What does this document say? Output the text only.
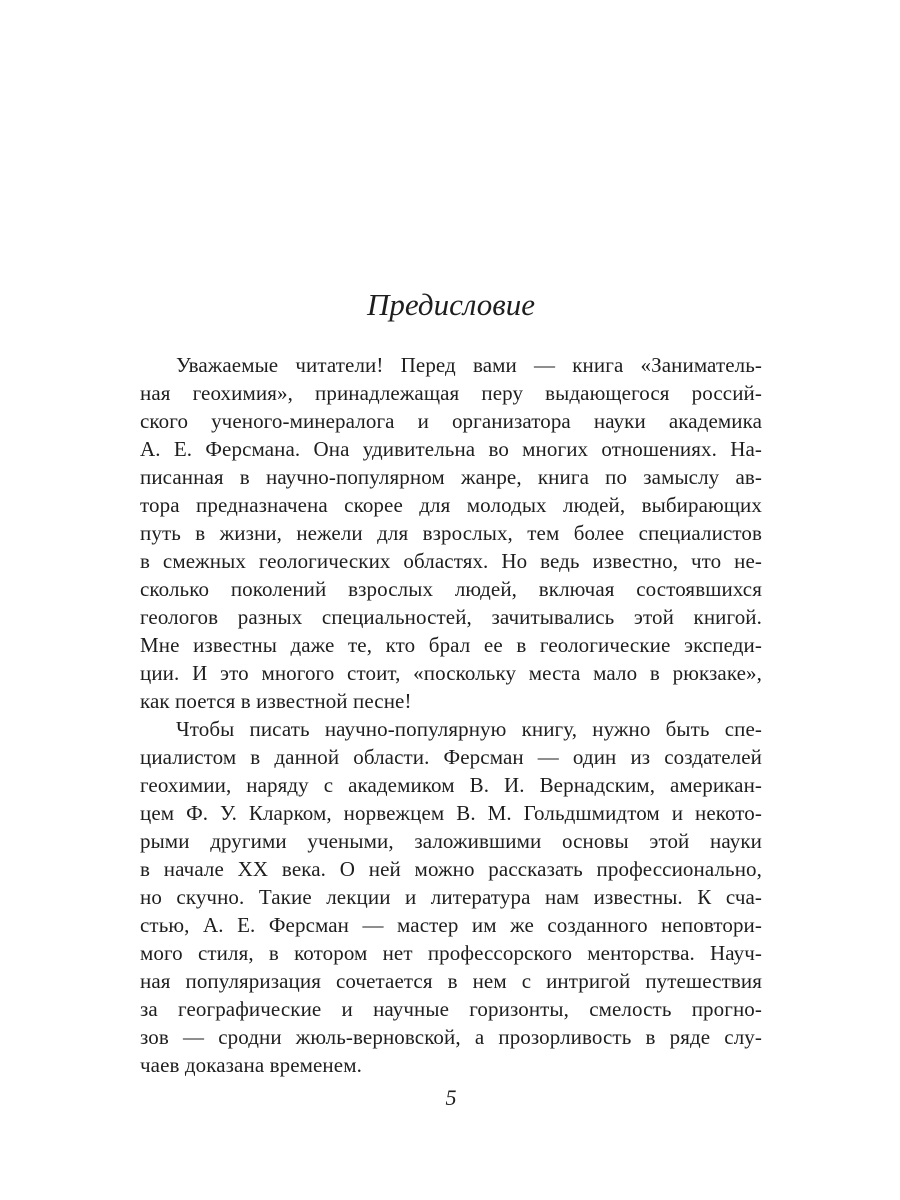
Предисловие
Уважаемые читатели! Перед вами — книга «Заниматель-
ная геохимия», принадлежащая перу выдающегося россий-
ского ученого-минералога и организатора науки академика
А. Е. Ферсмана. Она удивительна во многих отношениях. На-
писанная в научно-популярном жанре, книга по замыслу ав-
тора предназначена скорее для молодых людей, выбирающих
путь в жизни, нежели для взрослых, тем более специалистов
в смежных геологических областях. Но ведь известно, что не-
сколько поколений взрослых людей, включая состоявшихся
геологов разных специальностей, зачитывались этой книгой.
Мне известны даже те, кто брал ее в геологические экспеди-
ции. И это многого стоит, «поскольку места мало в рюкзаке»,
как поется в известной песне!
Чтобы писать научно-популярную книгу, нужно быть спе-
циалистом в данной области. Ферсман — один из создателей
геохимии, наряду с академиком В. И. Вернадским, американ-
цем Ф. У. Кларком, норвежцем В. М. Гольдшмидтом и некото-
рыми другими учеными, заложившими основы этой науки
в начале XX века. О ней можно рассказать профессионально,
но скучно. Такие лекции и литература нам известны. К сча-
стью, А. Е. Ферсман — мастер им же созданного неповтори-
мого стиля, в котором нет профессорского менторства. Науч-
ная популяризация сочетается в нем с интригой путешествия
за географические и научные горизонты, смелость прогно-
зов — сродни жюль-верновской, а прозорливость в ряде слу-
чаев доказана временем.
5
